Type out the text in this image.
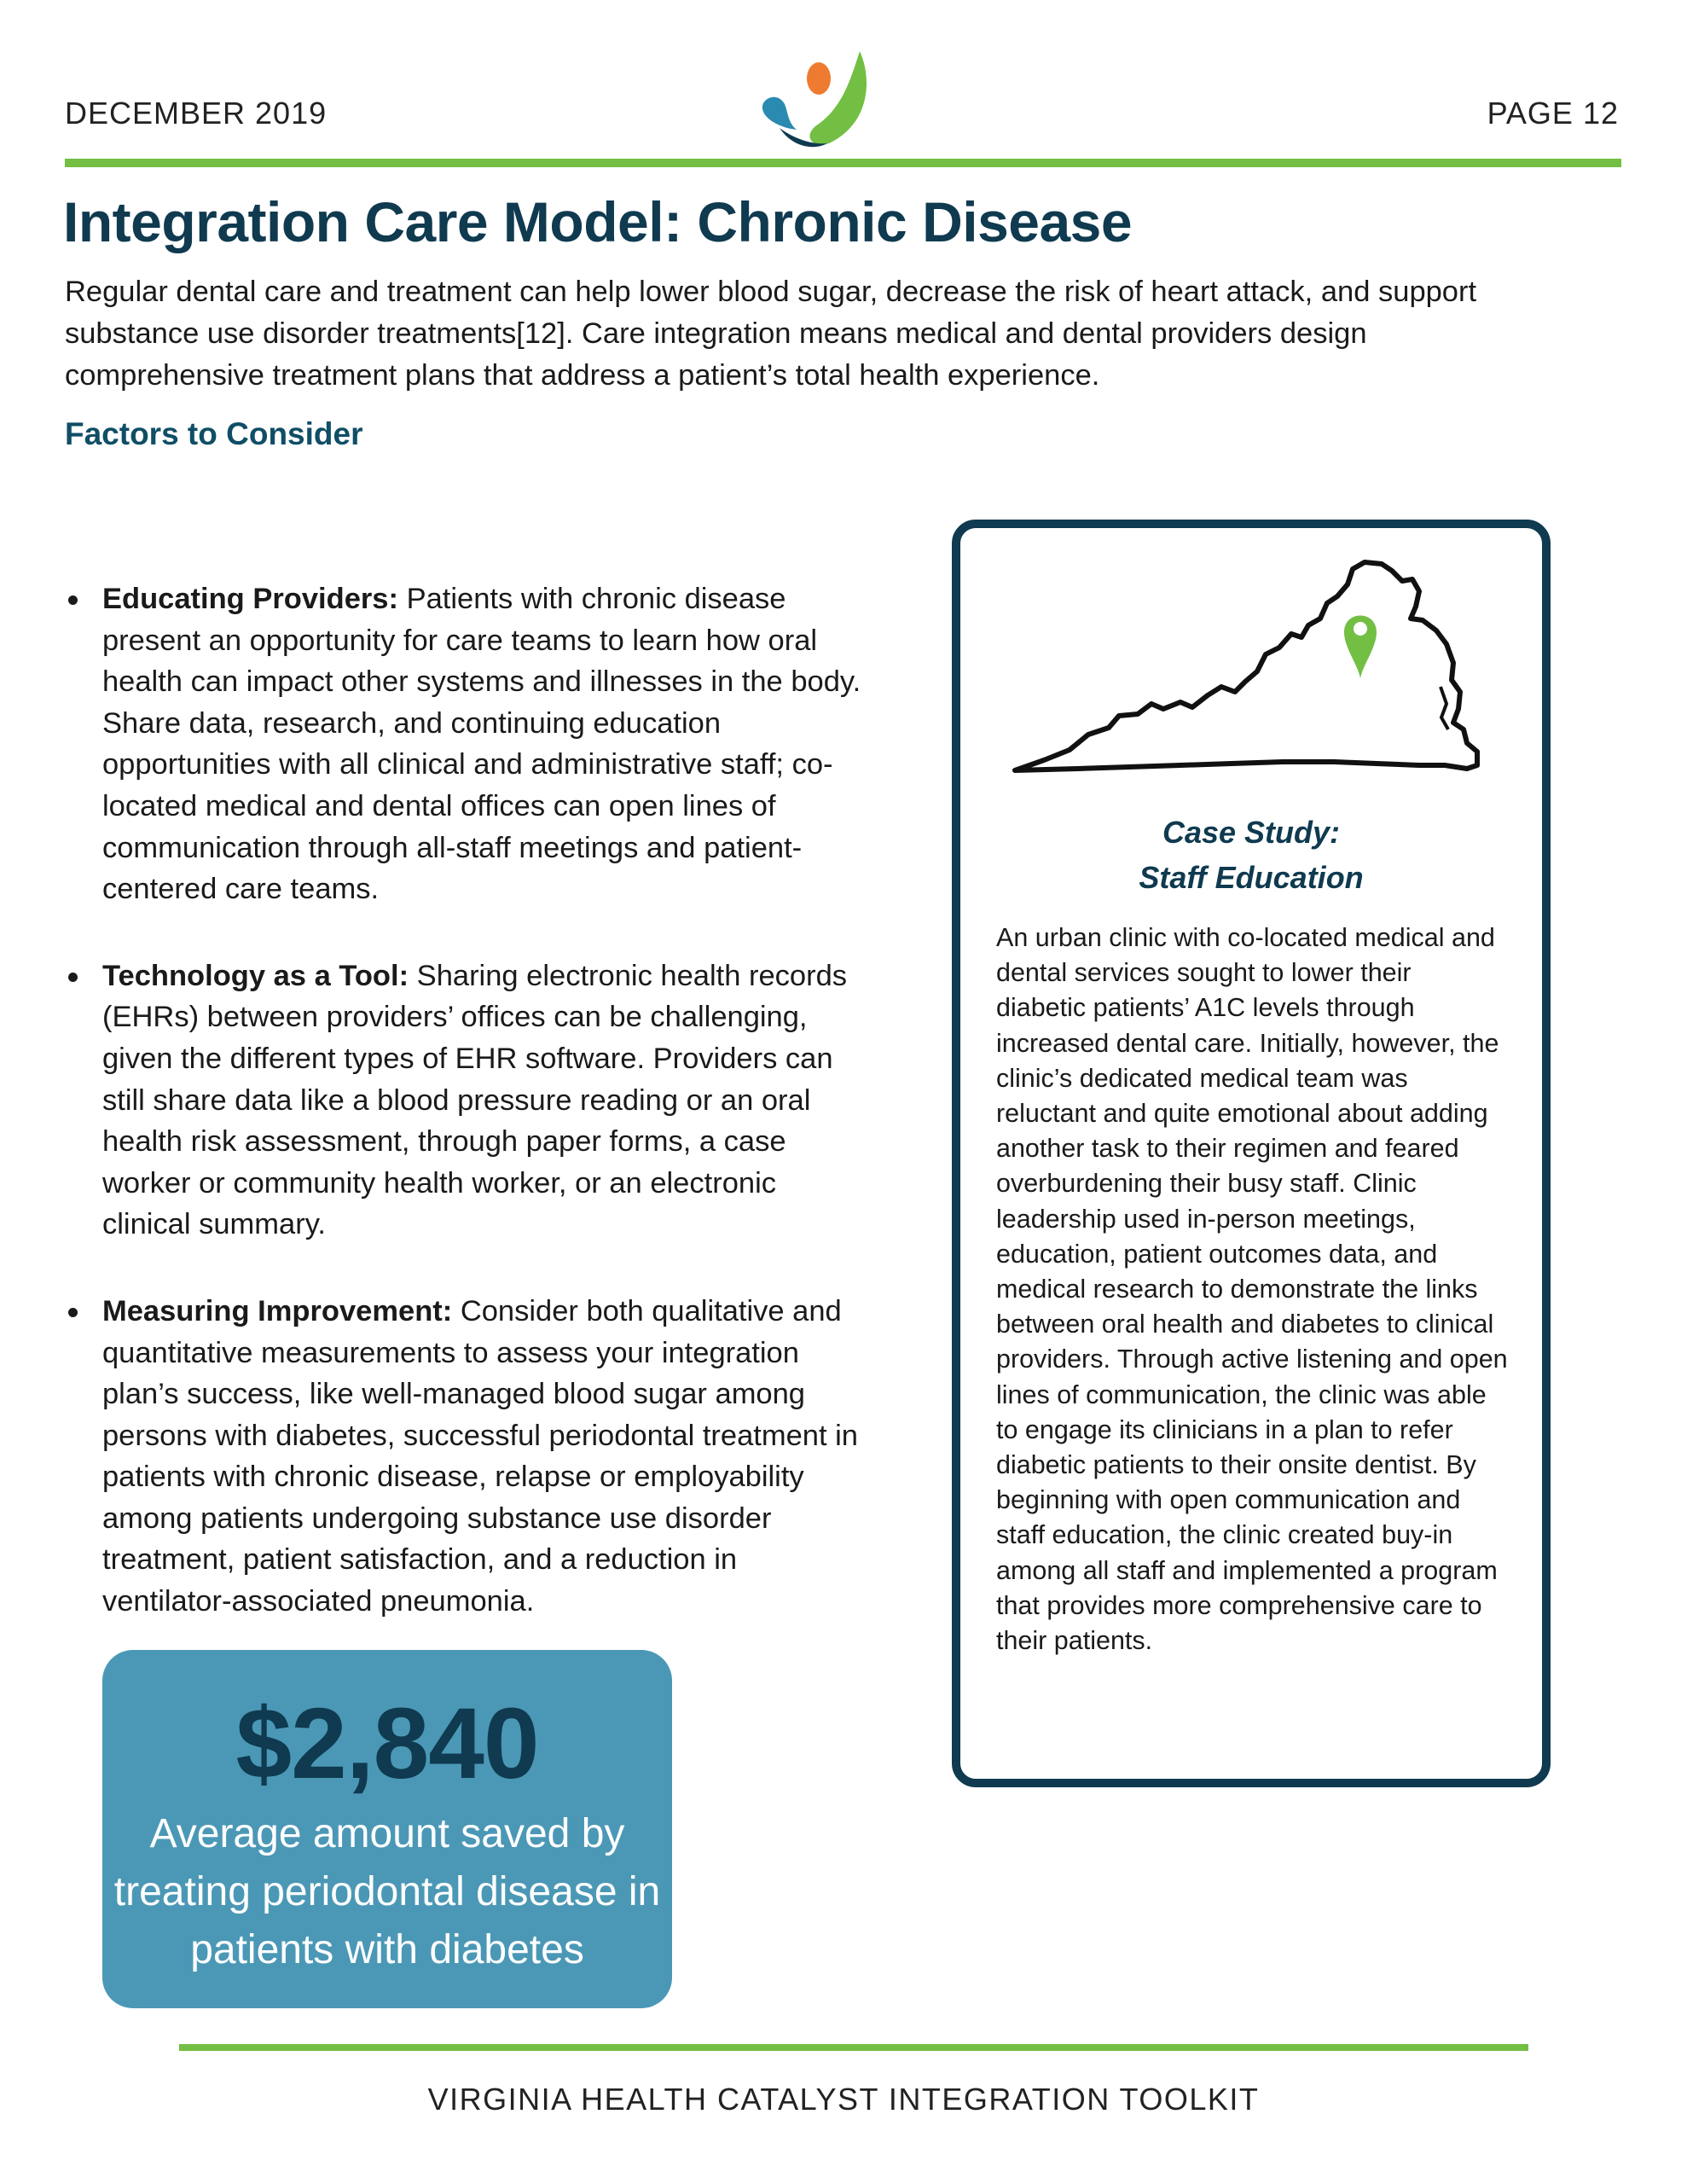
DECEMBER 2019	PAGE 12
Integration Care Model: Chronic Disease
Regular dental care and treatment can help lower blood sugar, decrease the risk of heart attack, and support substance use disorder treatments[12]. Care integration means medical and dental providers design comprehensive treatment plans that address a patient’s total health experience.
Factors to Consider
Educating Providers: Patients with chronic disease present an opportunity for care teams to learn how oral health can impact other systems and illnesses in the body. Share data, research, and continuing education opportunities with all clinical and administrative staff; co-located medical and dental offices can open lines of communication through all-staff meetings and patient-centered care teams.
Technology as a Tool: Sharing electronic health records (EHRs) between providers’ offices can be challenging, given the different types of EHR software. Providers can still share data like a blood pressure reading or an oral health risk assessment, through paper forms, a case worker or community health worker, or an electronic clinical summary.
Measuring Improvement: Consider both qualitative and quantitative measurements to assess your integration plan’s success, like well-managed blood sugar among persons with diabetes, successful periodontal treatment in patients with chronic disease, relapse or employability among patients undergoing substance use disorder treatment, patient satisfaction, and a reduction in ventilator-associated pneumonia.
$2,840
Average amount saved by treating periodontal disease in patients with diabetes
Case Study:
Staff Education
An urban clinic with co-located medical and dental services sought to lower their diabetic patients’ A1C levels through increased dental care. Initially, however, the clinic’s dedicated medical team was reluctant and quite emotional about adding another task to their regimen and feared overburdening their busy staff. Clinic leadership used in-person meetings, education, patient outcomes data, and medical research to demonstrate the links between oral health and diabetes to clinical providers. Through active listening and open lines of communication, the clinic was able to engage its clinicians in a plan to refer diabetic patients to their onsite dentist. By beginning with open communication and staff education, the clinic created buy-in among all staff and implemented a program that provides more comprehensive care to their patients.
VIRGINIA HEALTH CATALYST INTEGRATION TOOLKIT
